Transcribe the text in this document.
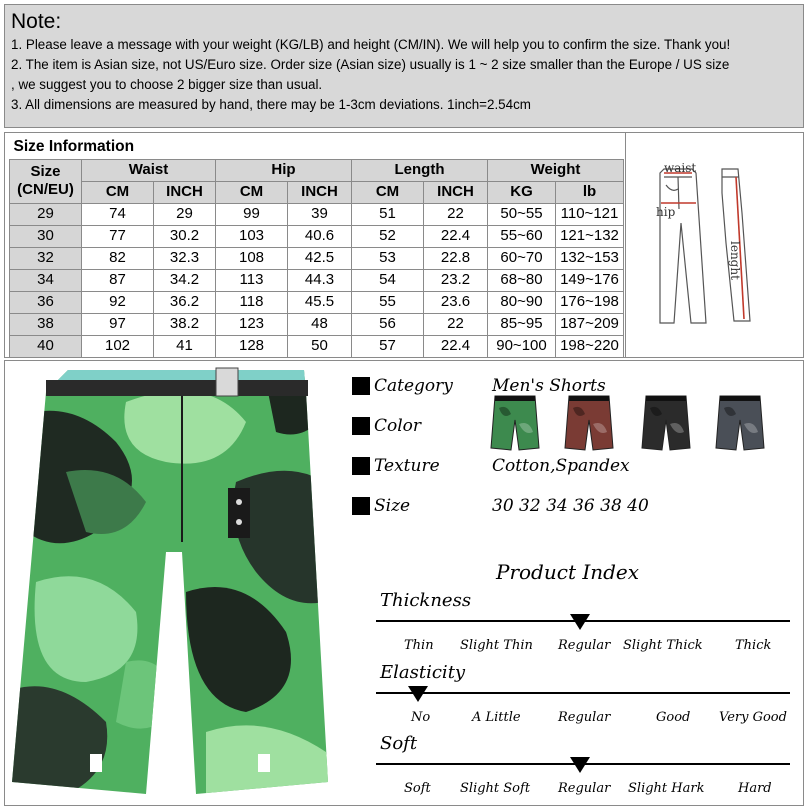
Note:
1. Please leave a message with your weight (KG/LB) and height (CM/IN). We will help you to confirm the size. Thank you!
2. The item is Asian size, not US/Euro size. Order size (Asian size) usually is 1 ~ 2 size smaller than the Europe / US size
, we suggest you to choose 2 bigger size than usual.
3. All dimensions are measured by hand, there may be 1-3cm deviations. 1inch=2.54cm
Size Information								
Size (CN/EU)	Waist		Hip		Length		Weight	
	CM	INCH	CM	INCH	CM	INCH	KG	lb
29	74	29	99	39	51	22	50~55	110~121
30	77	30.2	103	40.6	52	22.4	55~60	121~132
32	82	32.3	108	42.5	53	22.8	60~70	132~153
34	87	34.2	113	44.3	54	23.2	68~80	149~176
36	92	36.2	118	45.5	55	23.6	80~90	176~198
38	97	38.2	123	48	56	22	85~95	187~209
40	102	41	128	50	57	22.4	90~100	198~220
waist
hip
lenght
Category	Men's Shorts
Color
Texture	Cotton,Spandex
Size	30 32 34 36 38 40
Product Index
Thickness
Thin Slight Thin Regular Slight Thick Thick
Elasticity
No	A Little	Regular	Good Very Good
Soft
Soft Slight Soft Regular Slight Hark	Hard
